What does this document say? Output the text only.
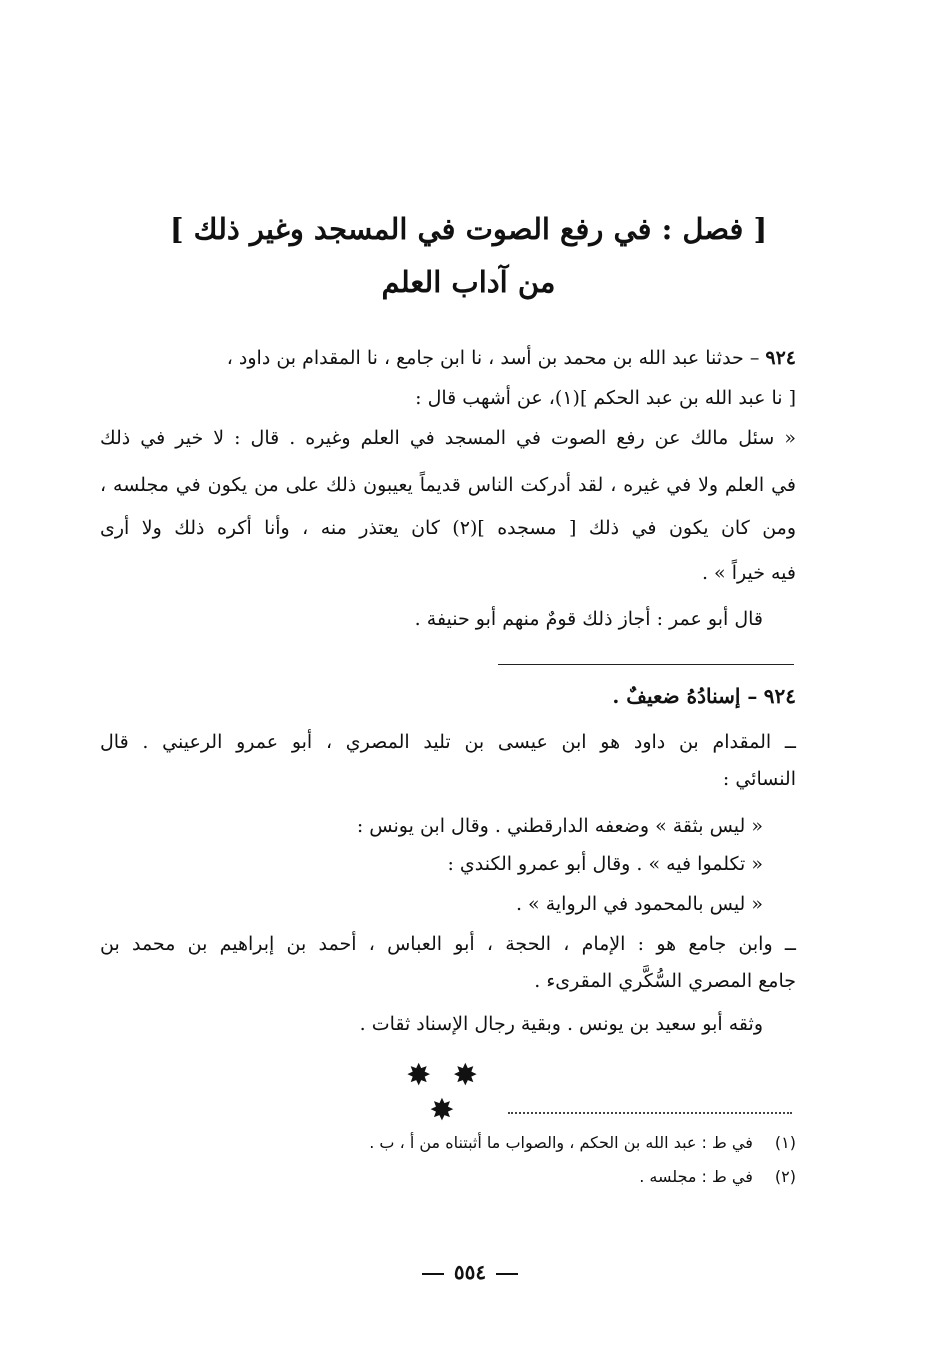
[ فصل : في رفع الصوت في المسجد وغير ذلك ]
من آداب العلم
٩٢٤ – حدثنا عبد الله بن محمد بن أسد ، نا ابن جامع ، نا المقدام بن داود ،
[ نا عبد الله بن عبد الحكم ](١)، عن أشهب قال :
« سئل مالك عن رفع الصوت في المسجد في العلم وغيره . قال : لا خير في ذلك
في العلم ولا في غيره ، لقد أدركت الناس قديماً يعيبون ذلك على من يكون في مجلسه ،
ومن كان يكون في ذلك [ مسجده ](٢) كان يعتذر منه ، وأنا أكره ذلك ولا أرى
فيه خيراً » .
قال أبو عمر : أجاز ذلك قومٌ منهم أبو حنيفة .
٩٢٤ – إسنادُهُ ضعيفٌ .
ــ المقدام بن داود هو ابن عيسى بن تليد المصري ، أبو عمرو الرعيني . قال
النسائي :
« ليس بثقة » وضعفه الدارقطني . وقال ابن يونس :
« تكلموا فيه » . وقال أبو عمرو الكندي :
« ليس بالمحمود في الرواية » .
ــ وابن جامع هو : الإمام ، الحجة ، أبو العباس ، أحمد بن إبراهيم بن محمد بن
جامع المصري السُّكَّري المقرىء .
وثقه أبو سعيد بن يونس . وبقية رجال الإسناد ثقات .
✸ ✸ ✸
(١)في ط : عبد الله بن الحكم ، والصواب ما أثبتناه من أ ، ب .
(٢)في ط : مجلسه .
٥٥٤
